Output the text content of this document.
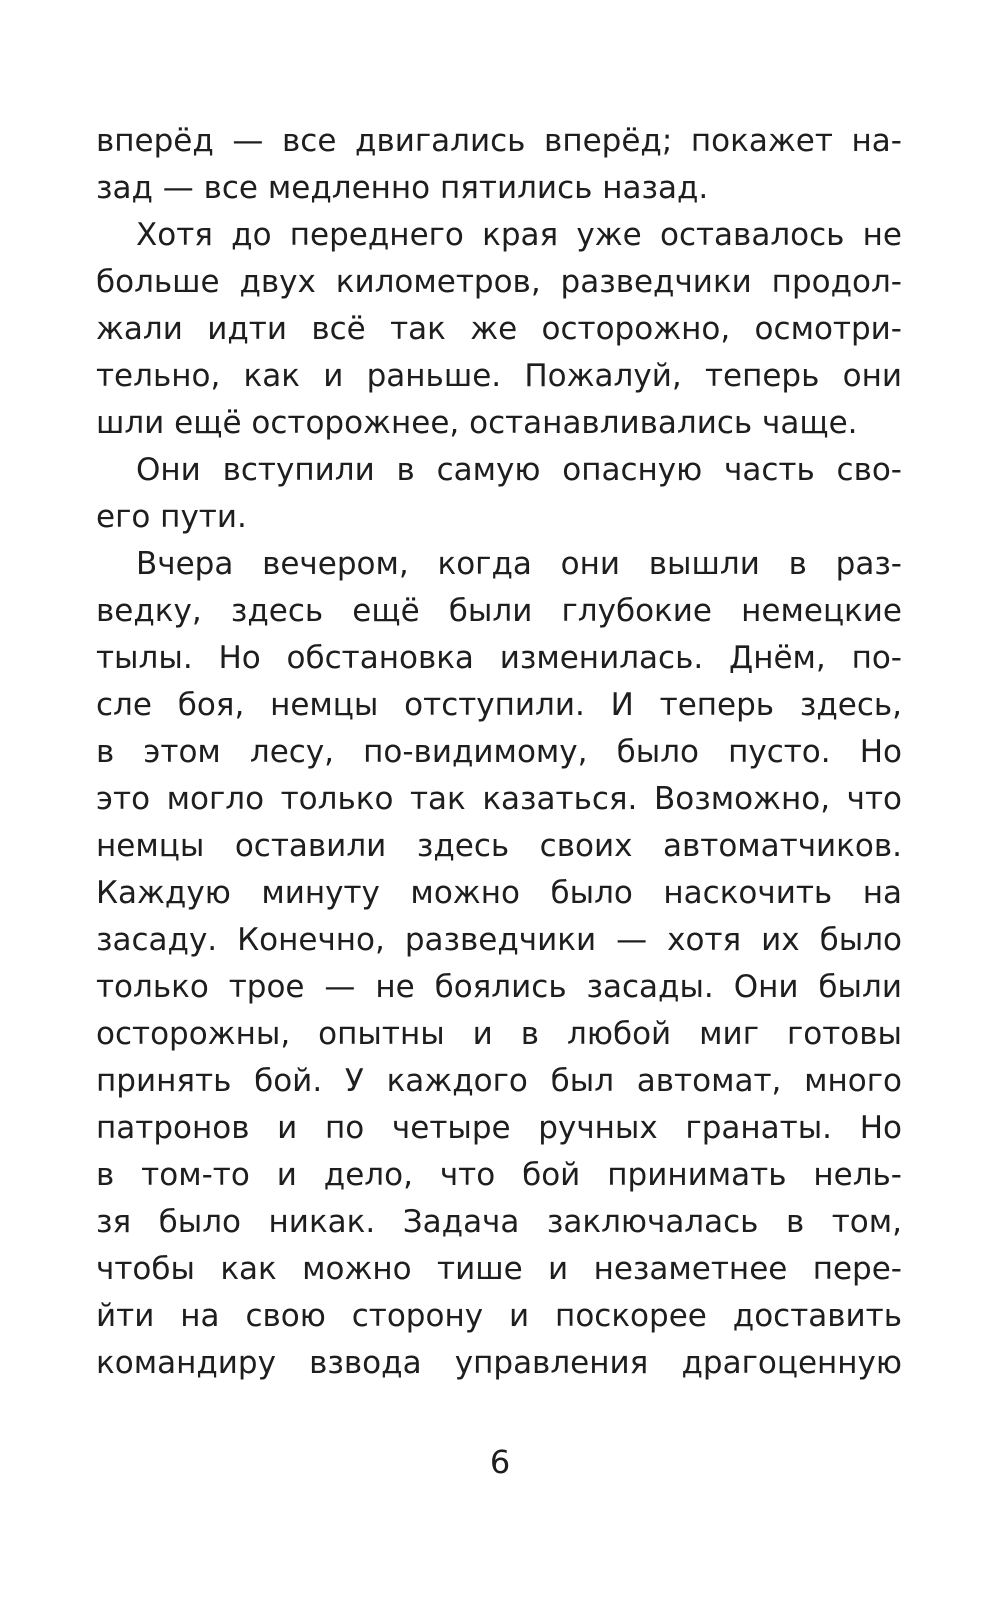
вперёд — все двигались вперёд; покажет на-
зад — все медленно пятились назад.
Хотя до переднего края уже оставалось не
больше двух километров, разведчики продол-
жали идти всё так же осторожно, осмотри-
тельно, как и раньше. Пожалуй, теперь они
шли ещё осторожнее, останавливались чаще.
Они вступили в самую опасную часть сво-
его пути.
Вчера вечером, когда они вышли в раз-
ведку, здесь ещё были глубокие немецкие
тылы. Но обстановка изменилась. Днём, по-
сле боя, немцы отступили. И теперь здесь,
в этом лесу, по-видимому, было пусто. Но
это могло только так казаться. Возможно, что
немцы оставили здесь своих автоматчиков.
Каждую минуту можно было наскочить на
засаду. Конечно, разведчики — хотя их было
только трое — не боялись засады. Они были
осторожны, опытны и в любой миг готовы
принять бой. У каждого был автомат, много
патронов и по четыре ручных гранаты. Но
в том-то и дело, что бой принимать нель-
зя было никак. Задача заключалась в том,
чтобы как можно тише и незаметнее пере-
йти на свою сторону и поскорее доставить
командиру взвода управления драгоценную
6
